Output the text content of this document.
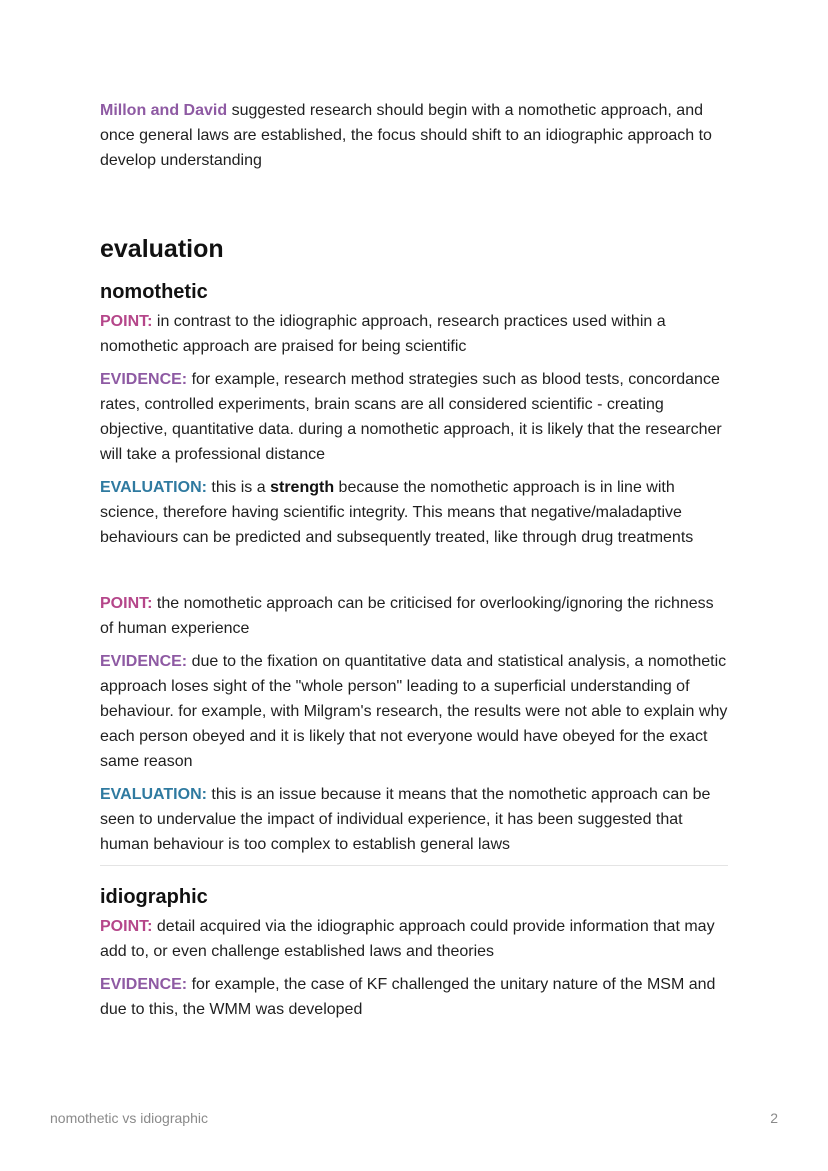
Millon and David suggested research should begin with a nomothetic approach, and once general laws are established, the focus should shift to an idiographic approach to develop understanding

evaluation
nomothetic

POINT: in contrast to the idiographic approach, research practices used within a nomothetic approach are praised for being scientific

EVIDENCE: for example, research method strategies such as blood tests, concordance rates, controlled experiments, brain scans are all considered scientific - creating objective, quantitative data. during a nomothetic approach, it is likely that the researcher will take a professional distance

EVALUATION: this is a strength because the nomothetic approach is in line with science, therefore having scientific integrity. This means that negative/maladaptive behaviours can be predicted and subsequently treated, like through drug treatments

POINT: the nomothetic approach can be criticised for overlooking/ignoring the richness of human experience

EVIDENCE: due to the fixation on quantitative data and statistical analysis, a nomothetic approach loses sight of the "whole person" leading to a superficial understanding of behaviour. for example, with Milgram's research, the results were not able to explain why each person obeyed and it is likely that not everyone would have obeyed for the exact same reason

EVALUATION: this is an issue because it means that the nomothetic approach can be seen to undervalue the impact of individual experience, it has been suggested that human behaviour is too complex to establish general laws

idiographic

POINT: detail acquired via the idiographic approach could provide information that may add to, or even challenge established laws and theories

EVIDENCE: for example, the case of KF challenged the unitary nature of the MSM and due to this, the WMM was developed

nomothetic vs idiographic	2
